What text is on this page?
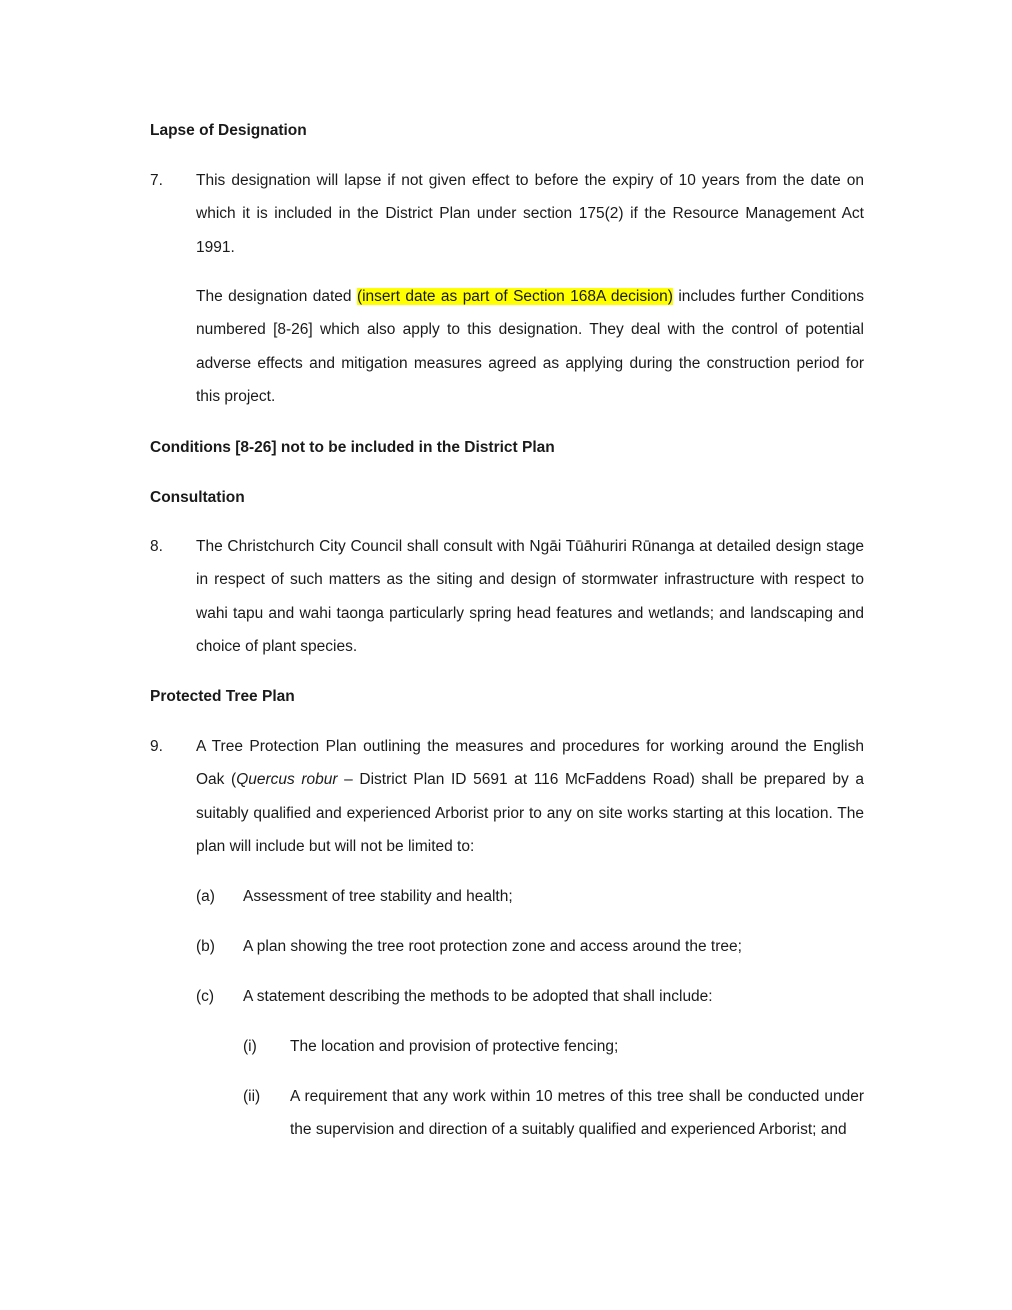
Lapse of Designation
7. This designation will lapse if not given effect to before the expiry of 10 years from the date on which it is included in the District Plan under section 175(2) if the Resource Management Act 1991.
The designation dated (insert date as part of Section 168A decision) includes further Conditions numbered [8-26] which also apply to this designation. They deal with the control of potential adverse effects and mitigation measures agreed as applying during the construction period for this project.
Conditions [8-26] not to be included in the District Plan
Consultation
8. The Christchurch City Council shall consult with Ngāi Tūāhuriri Rūnanga at detailed design stage in respect of such matters as the siting and design of stormwater infrastructure with respect to wahi tapu and wahi taonga particularly spring head features and wetlands; and landscaping and choice of plant species.
Protected Tree Plan
9. A Tree Protection Plan outlining the measures and procedures for working around the English Oak (Quercus robur – District Plan ID 5691 at 116 McFaddens Road) shall be prepared by a suitably qualified and experienced Arborist prior to any on site works starting at this location. The plan will include but will not be limited to:
(a) Assessment of tree stability and health;
(b) A plan showing the tree root protection zone and access around the tree;
(c) A statement describing the methods to be adopted that shall include:
(i) The location and provision of protective fencing;
(ii) A requirement that any work within 10 metres of this tree shall be conducted under the supervision and direction of a suitably qualified and experienced Arborist; and
